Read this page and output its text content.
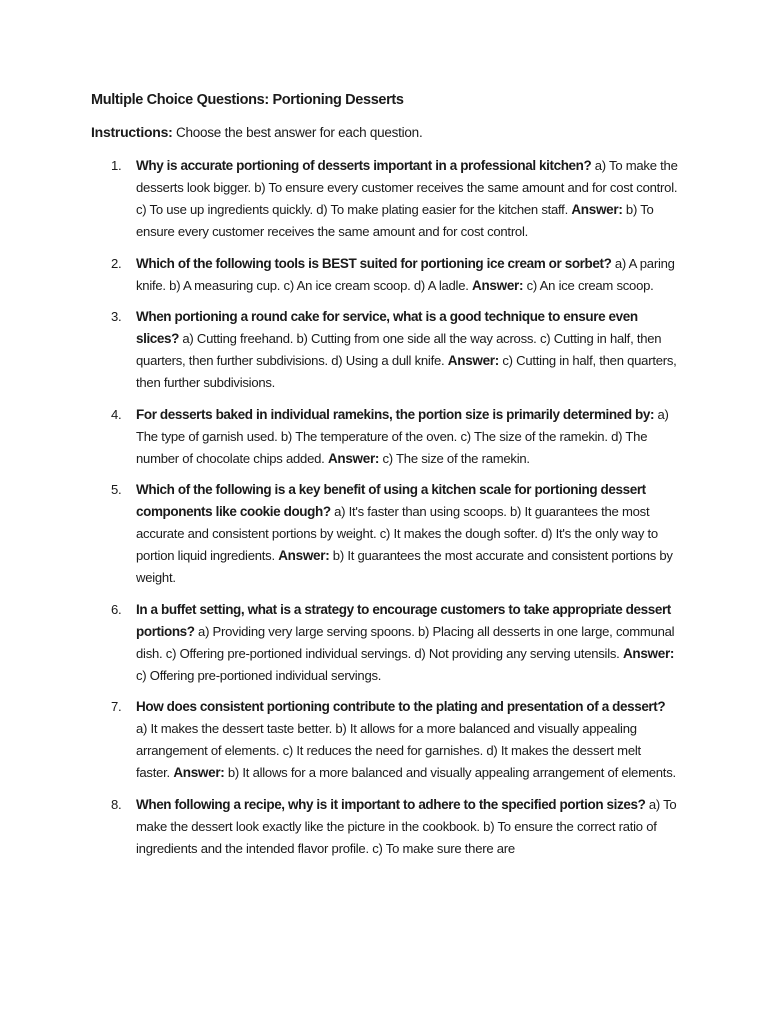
Multiple Choice Questions: Portioning Desserts
Instructions: Choose the best answer for each question.
1.	Why is accurate portioning of desserts important in a professional kitchen? a) To make the desserts look bigger. b) To ensure every customer receives the same amount and for cost control. c) To use up ingredients quickly. d) To make plating easier for the kitchen staff. Answer: b) To ensure every customer receives the same amount and for cost control.
2.	Which of the following tools is BEST suited for portioning ice cream or sorbet? a) A paring knife. b) A measuring cup. c) An ice cream scoop. d) A ladle. Answer: c) An ice cream scoop.
3.	When portioning a round cake for service, what is a good technique to ensure even slices? a) Cutting freehand. b) Cutting from one side all the way across. c) Cutting in half, then quarters, then further subdivisions. d) Using a dull knife. Answer: c) Cutting in half, then quarters, then further subdivisions.
4.	For desserts baked in individual ramekins, the portion size is primarily determined by: a) The type of garnish used. b) The temperature of the oven. c) The size of the ramekin. d) The number of chocolate chips added. Answer: c) The size of the ramekin.
5.	Which of the following is a key benefit of using a kitchen scale for portioning dessert components like cookie dough? a) It's faster than using scoops. b) It guarantees the most accurate and consistent portions by weight. c) It makes the dough softer. d) It's the only way to portion liquid ingredients. Answer: b) It guarantees the most accurate and consistent portions by weight.
6.	In a buffet setting, what is a strategy to encourage customers to take appropriate dessert portions? a) Providing very large serving spoons. b) Placing all desserts in one large, communal dish. c) Offering pre-portioned individual servings. d) Not providing any serving utensils. Answer: c) Offering pre-portioned individual servings.
7.	How does consistent portioning contribute to the plating and presentation of a dessert? a) It makes the dessert taste better. b) It allows for a more balanced and visually appealing arrangement of elements. c) It reduces the need for garnishes. d) It makes the dessert melt faster. Answer: b) It allows for a more balanced and visually appealing arrangement of elements.
8.	When following a recipe, why is it important to adhere to the specified portion sizes? a) To make the dessert look exactly like the picture in the cookbook. b) To ensure the correct ratio of ingredients and the intended flavor profile. c) To make sure there are
